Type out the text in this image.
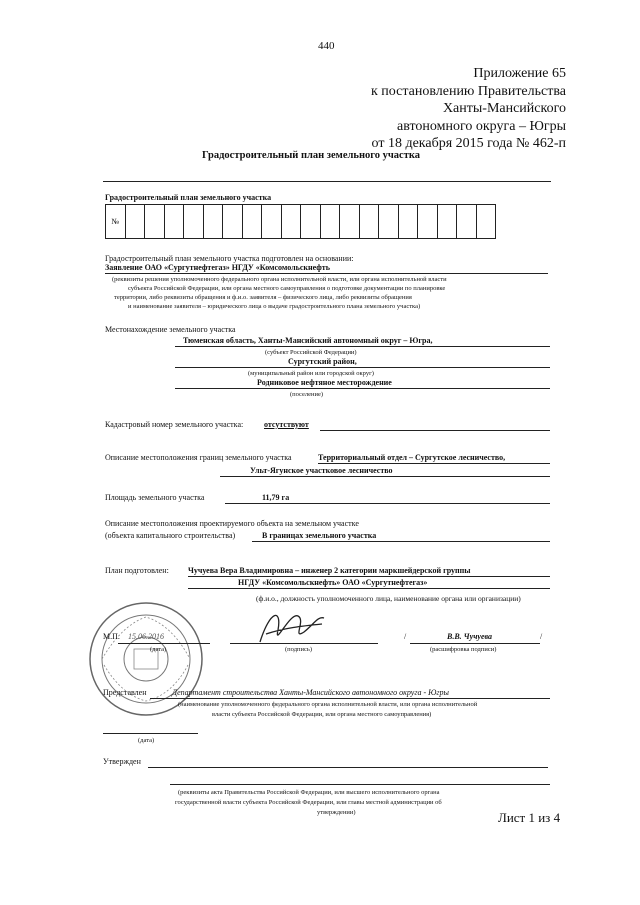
440
Приложение 65
к постановлению Правительства
Ханты-Мансийского
автономного округа – Югры
от 18 декабря 2015 года № 462-п
Градостроительный план земельного участка
Градостроительный план земельного участка
№																			
Градостроительный план земельного участка подготовлен на основании:
Заявление ОАО «Сургутнефтегаз» НГДУ «Комсомольскнефть
(реквизиты решения уполномоченного федерального органа исполнительной власти, или органа исполнительной власти
субъекта Российской Федерации, или органа местного самоуправления о подготовке документации по планировке
территории, либо реквизиты обращения и ф.и.о. заявителя – физического лица, либо реквизиты обращения
и наименование заявителя – юридического лица о выдаче градостроительного плана земельного участка)
Местонахождение земельного участка
Тюменская область, Ханты-Мансийский автономный округ – Югра,
(субъект Российской Федерации)
Сургутский район,
(муниципальный район или городской округ)
Родниковое нефтяное месторождение
(поселение)
Кадастровый номер земельного участка:	отсутствуют
Описание местоположения границ земельного участка	Территориальный отдел – Сургутское лесничество,
Ульт-Ягунское участковое лесничество
Площадь земельного участка	11,79 га
Описание местоположения проектируемого объекта на земельном участке
(объекта капитального строительства)	В границах земельного участка
План подготовлен: Чучуева Вера Владимировна – инженер 2 категории маркшейдерской группы
НГДУ «Комсомольскнефть» ОАО «Сургутнефтегаз»
(ф.и.о., должность уполномоченного лица, наименование органа или организации)
М.П. 15.06.2016
(дата)	(подпись)
/	В.В. Чучуева	/
(расшифровка подписи)
Представлен	Департамент строительства Ханты-Мансийского автономного округа - Югры
(наименование уполномоченного федерального органа исполнительной власти, или органа исполнительной
власти субъекта Российской Федерации, или органа местного самоуправления)
(дата)
Утвержден
(реквизиты акта Правительства Российской Федерации, или высшего исполнительного органа
государственной власти субъекта Российской Федерации, или главы местной администрации об
утверждении)	Лист 1 из 4
